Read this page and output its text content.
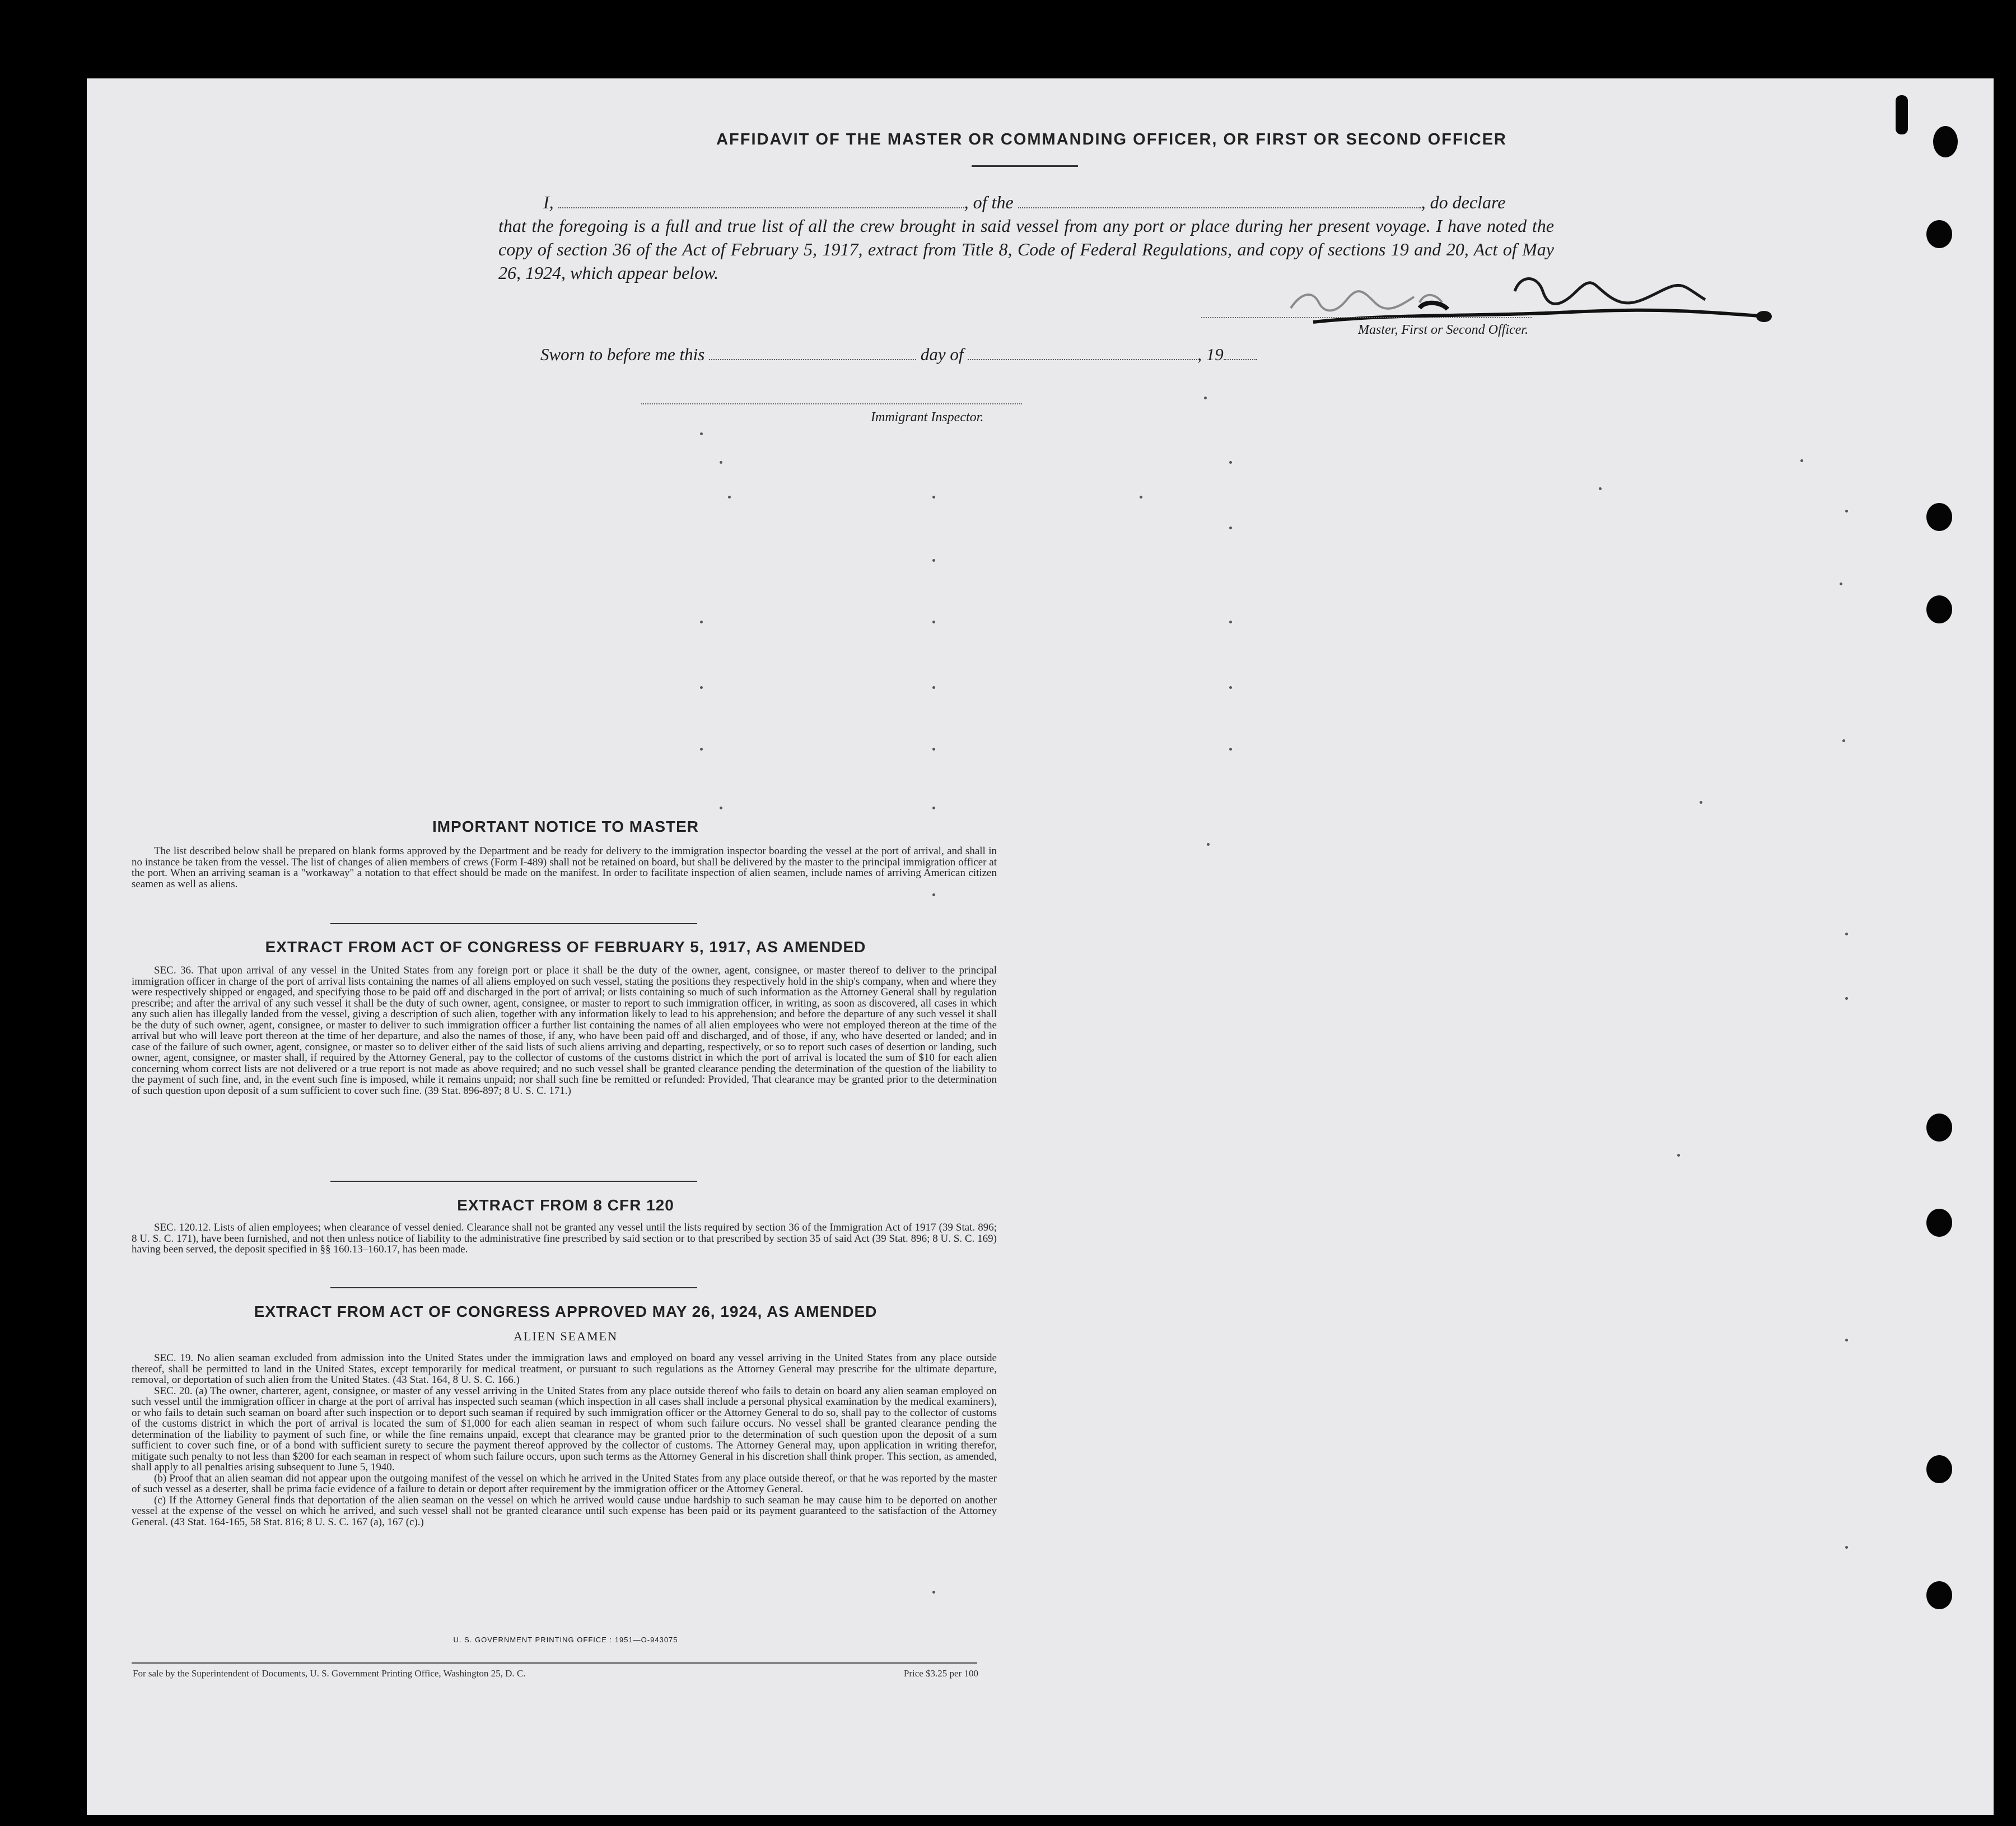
AFFIDAVIT OF THE MASTER OR COMMANDING OFFICER, OR FIRST OR SECOND OFFICER
I,	, of the	, do declare
that the foregoing is a full and true list of all the crew brought in said vessel from any port or place during her present voyage. I have noted the copy of section 36 of the Act of February 5, 1917, extract from Title 8, Code of Federal Regulations, and copy of sections 19 and 20, Act of May 26, 1924, which appear below.
Master, First or Second Officer.
Sworn to before me this	day of	, 19
Immigrant Inspector.
IMPORTANT NOTICE TO MASTER

The list described below shall be prepared on blank forms approved by the Department and be ready for delivery to the immigration inspector boarding the vessel at the port of arrival, and shall in no instance be taken from the vessel. The list of changes of alien members of crews (Form I-489) shall not be retained on board, but shall be delivered by the master to the principal immigration officer at the port. When an arriving seaman is a "workaway" a notation to that effect should be made on the manifest. In order to facilitate inspection of alien seamen, include names of arriving American citizen seamen as well as aliens.

EXTRACT FROM ACT OF CONGRESS OF FEBRUARY 5, 1917, AS AMENDED

SEC. 36. That upon arrival of any vessel in the United States from any foreign port or place it shall be the duty of the owner, agent, consignee, or master thereof to deliver to the principal immigration officer in charge of the port of arrival lists containing the names of all aliens employed on such vessel, stating the positions they respectively hold in the ship's company, when and where they were respectively shipped or engaged, and specifying those to be paid off and discharged in the port of arrival; or lists containing so much of such information as the Attorney General shall by regulation prescribe; and after the arrival of any such vessel it shall be the duty of such owner, agent, consignee, or master to report to such immigration officer, in writing, as soon as discovered, all cases in which any such alien has illegally landed from the vessel, giving a description of such alien, together with any information likely to lead to his apprehension; and before the departure of any such vessel it shall be the duty of such owner, agent, consignee, or master to deliver to such immigration officer a further list containing the names of all alien employees who were not employed thereon at the time of the arrival but who will leave port thereon at the time of her departure, and also the names of those, if any, who have been paid off and discharged, and of those, if any, who have deserted or landed; and in case of the failure of such owner, agent, consignee, or master so to deliver either of the said lists of such aliens arriving and departing, respectively, or so to report such cases of desertion or landing, such owner, agent, consignee, or master shall, if required by the Attorney General, pay to the collector of customs of the customs district in which the port of arrival is located the sum of $10 for each alien concerning whom correct lists are not delivered or a true report is not made as above required; and no such vessel shall be granted clearance pending the determination of the question of the liability to the payment of such fine, and, in the event such fine is imposed, while it remains unpaid; nor shall such fine be remitted or refunded: Provided, That clearance may be granted prior to the determination of such question upon deposit of a sum sufficient to cover such fine. (39 Stat. 896-897; 8 U. S. C. 171.)

EXTRACT FROM 8 CFR 120

SEC. 120.12. Lists of alien employees; when clearance of vessel denied. Clearance shall not be granted any vessel until the lists required by section 36 of the Immigration Act of 1917 (39 Stat. 896; 8 U. S. C. 171), have been furnished, and not then unless notice of liability to the administrative fine prescribed by said section or to that prescribed by section 35 of said Act (39 Stat. 896; 8 U. S. C. 169) having been served, the deposit specified in §§ 160.13–160.17, has been made.

EXTRACT FROM ACT OF CONGRESS APPROVED MAY 26, 1924, AS AMENDED
ALIEN SEAMEN

SEC. 19. No alien seaman excluded from admission into the United States under the immigration laws and employed on board any vessel arriving in the United States from any place outside thereof, shall be permitted to land in the United States, except temporarily for medical treatment, or pursuant to such regulations as the Attorney General may prescribe for the ultimate departure, removal, or deportation of such alien from the United States. (43 Stat. 164, 8 U. S. C. 166.)

SEC. 20. (a) The owner, charterer, agent, consignee, or master of any vessel arriving in the United States from any place outside thereof who fails to detain on board any alien seaman employed on such vessel until the immigration officer in charge at the port of arrival has inspected such seaman (which inspection in all cases shall include a personal physical examination by the medical examiners), or who fails to detain such seaman on board after such inspection or to deport such seaman if required by such immigration officer or the Attorney General to do so, shall pay to the collector of customs of the customs district in which the port of arrival is located the sum of $1,000 for each alien seaman in respect of whom such failure occurs. No vessel shall be granted clearance pending the determination of the liability to payment of such fine, or while the fine remains unpaid, except that clearance may be granted prior to the determination of such question upon the deposit of a sum sufficient to cover such fine, or of a bond with sufficient surety to secure the payment thereof approved by the collector of customs. The Attorney General may, upon application in writing therefor, mitigate such penalty to not less than $200 for each seaman in respect of whom such failure occurs, upon such terms as the Attorney General in his discretion shall think proper. This section, as amended, shall apply to all penalties arising subsequent to June 5, 1940.

(b) Proof that an alien seaman did not appear upon the outgoing manifest of the vessel on which he arrived in the United States from any place outside thereof, or that he was reported by the master of such vessel as a deserter, shall be prima facie evidence of a failure to detain or deport after requirement by the immigration officer or the Attorney General.

(c) If the Attorney General finds that deportation of the alien seaman on the vessel on which he arrived would cause undue hardship to such seaman he may cause him to be deported on another vessel at the expense of the vessel on which he arrived, and such vessel shall not be granted clearance until such expense has been paid or its payment guaranteed to the satisfaction of the Attorney General. (43 Stat. 164-165, 58 Stat. 816; 8 U. S. C. 167 (a), 167 (c).)

U. S. GOVERNMENT PRINTING OFFICE : 1951—O-943075
For sale by the Superintendent of Documents, U. S. Government Printing Office, Washington 25, D. C.	Price $3.25 per 100
